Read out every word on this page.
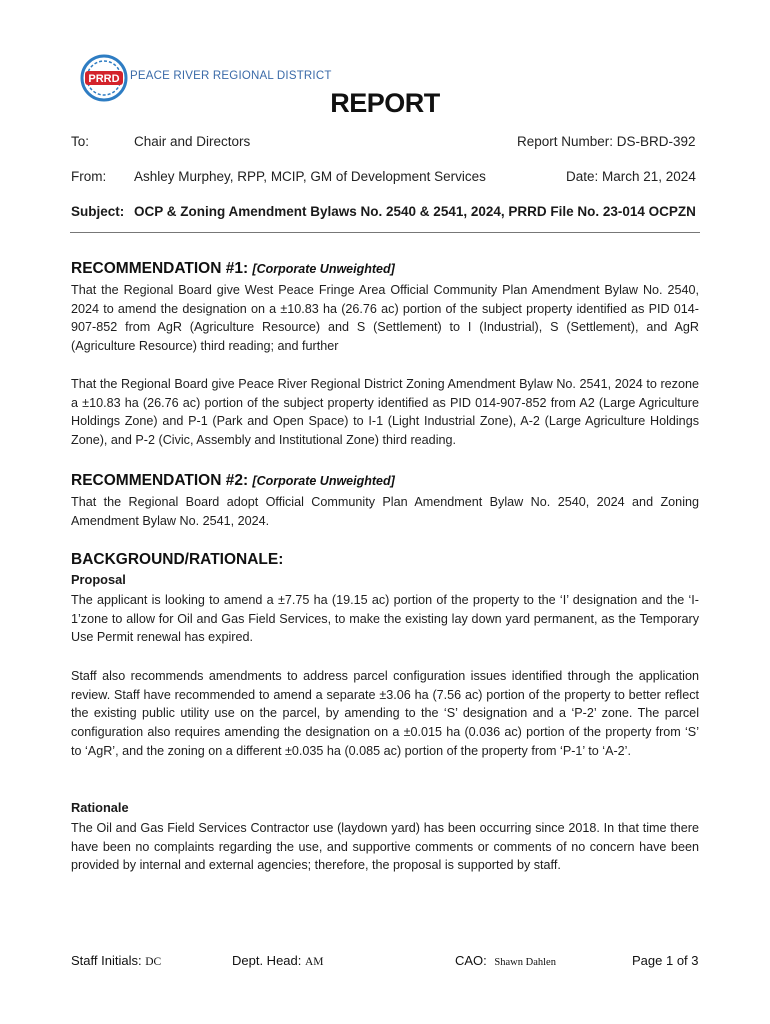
PRRD PEACE RIVER REGIONAL DISTRICT
REPORT
To:	Chair and Directors	Report Number: DS-BRD-392
From: Ashley Murphey, RPP, MCIP, GM of Development Services	Date: March 21, 2024
Subject: OCP & Zoning Amendment Bylaws No. 2540 & 2541, 2024, PRRD File No. 23-014 OCPZN
RECOMMENDATION #1: [Corporate Unweighted]
That the Regional Board give West Peace Fringe Area Official Community Plan Amendment Bylaw No. 2540, 2024 to amend the designation on a ±10.83 ha (26.76 ac) portion of the subject property identified as PID 014-907-852 from AgR (Agriculture Resource) and S (Settlement) to I (Industrial), S (Settlement), and AgR (Agriculture Resource) third reading; and further
That the Regional Board give Peace River Regional District Zoning Amendment Bylaw No. 2541, 2024 to rezone a ±10.83 ha (26.76 ac) portion of the subject property identified as PID 014-907-852 from A2 (Large Agriculture Holdings Zone) and P-1 (Park and Open Space) to I-1 (Light Industrial Zone), A-2 (Large Agriculture Holdings Zone), and P-2 (Civic, Assembly and Institutional Zone) third reading.
RECOMMENDATION #2: [Corporate Unweighted]
That the Regional Board adopt Official Community Plan Amendment Bylaw No. 2540, 2024 and Zoning Amendment Bylaw No. 2541, 2024.
BACKGROUND/RATIONALE:
Proposal
The applicant is looking to amend a ±7.75 ha (19.15 ac) portion of the property to the ‘I’ designation and the ‘I-1’zone to allow for Oil and Gas Field Services, to make the existing lay down yard permanent, as the Temporary Use Permit renewal has expired.
Staff also recommends amendments to address parcel configuration issues identified through the application review. Staff have recommended to amend a separate ±3.06 ha (7.56 ac) portion of the property to better reflect the existing public utility use on the parcel, by amending to the ‘S’ designation and a ‘P-2’ zone. The parcel configuration also requires amending the designation on a ±0.015 ha (0.036 ac) portion of the property from ‘S’ to ‘AgR’, and the zoning on a different ±0.035 ha (0.085 ac) portion of the property from ‘P-1’ to ‘A-2’.
Rationale
The Oil and Gas Field Services Contractor use (laydown yard) has been occurring since 2018. In that time there have been no complaints regarding the use, and supportive comments or comments of no concern have been provided by internal and external agencies; therefore, the proposal is supported by staff.
Staff Initials: DC	Dept. Head: AM	CAO: Shawn Dahlen	Page 1 of 3
